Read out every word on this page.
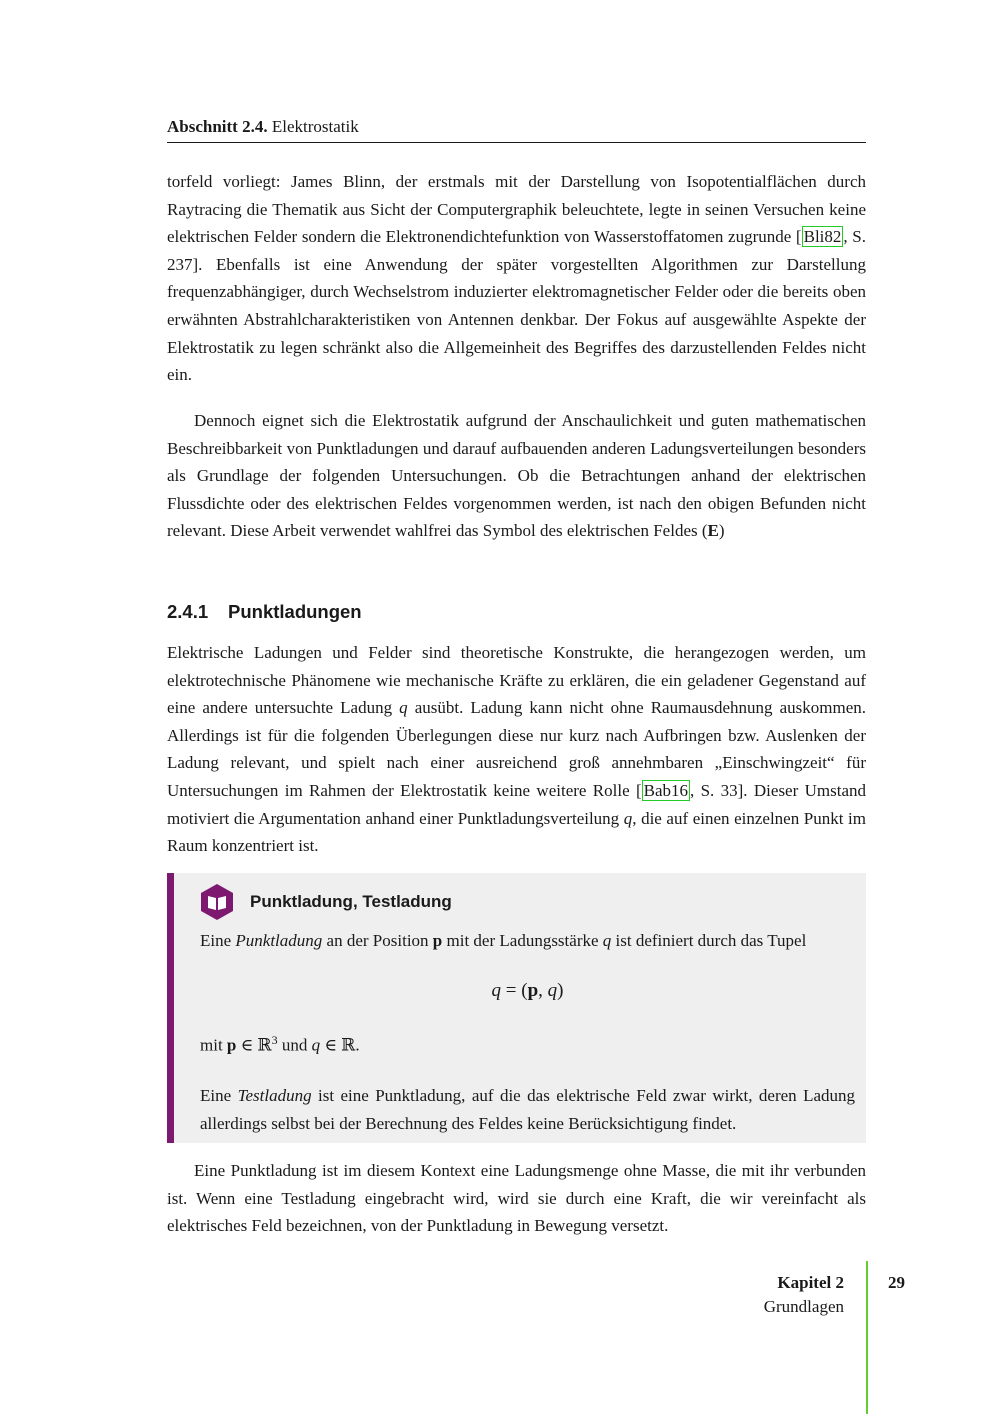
Abschnitt 2.4. Elektrostatik

torfeld vorliegt: James Blinn, der erstmals mit der Darstellung von Isopotentialflächen durch Raytracing die Thematik aus Sicht der Computergraphik beleuchtete, legte in seinen Versuchen keine elektrischen Felder sondern die Elektronendichtefunktion von Wasserstoffatomen zugrunde [ Bli82 , S. 237]. Ebenfalls ist eine Anwendung der später vorgestellten Algorithmen zur Darstellung frequenzabhängiger, durch Wechselstrom induzierter elektromagnetischer Felder oder die bereits oben erwähnten Abstrahlcharakteristiken von Antennen denkbar. Der Fokus auf ausgewählte Aspekte der Elektrostatik zu legen schränkt also die Allgemeinheit des Begriffes des darzustellenden Feldes nicht ein.

Dennoch eignet sich die Elektrostatik aufgrund der Anschaulichkeit und guten mathematischen Beschreibbarkeit von Punktladungen und darauf aufbauenden anderen Ladungsverteilungen besonders als Grundlage der folgenden Untersuchungen. Ob die Betrachtungen anhand der elektrischen Flussdichte oder des elektrischen Feldes vorgenommen werden, ist nach den obigen Befunden nicht relevant. Diese Arbeit verwendet wahlfrei das Symbol des elektrischen Feldes (E)

2.4.1 Punktladungen

Elektrische Ladungen und Felder sind theoretische Konstrukte, die herangezogen werden, um elektrotechnische Phänomene wie mechanische Kräfte zu erklären, die ein geladener Gegenstand auf eine andere untersuchte Ladung q ausübt. Ladung kann nicht ohne Raumausdehnung auskommen. Allerdings ist für die folgenden Überlegungen diese nur kurz nach Aufbringen bzw. Auslenken der Ladung relevant, und spielt nach einer ausreichend groß annehmbaren „Einschwingzeit“ für Untersuchungen im Rahmen der Elektrostatik keine weitere Rolle [ Bab16 , S. 33]. Dieser Umstand motiviert die Argumentation anhand einer Punktladungsverteilung q, die auf einen einzelnen Punkt im Raum konzentriert ist.

Punktladung, Testladung
Eine Punktladung an der Position p mit der Ladungsstärke q ist definiert durch das Tupel
q = (p, q)
mit p ∈ ℝ$^3$ und q ∈ ℝ.
Eine Testladung ist eine Punktladung, auf die das elektrische Feld zwar wirkt, deren Ladung allerdings selbst bei der Berechnung des Feldes keine Berücksichtigung findet.

Eine Punktladung ist im diesem Kontext eine Ladungsmenge ohne Masse, die mit ihr verbunden ist. Wenn eine Testladung eingebracht wird, wird sie durch eine Kraft, die wir vereinfacht als elektrisches Feld bezeichnen, von der Punktladung in Bewegung versetzt.

Kapitel 2
Grundlagen
29
